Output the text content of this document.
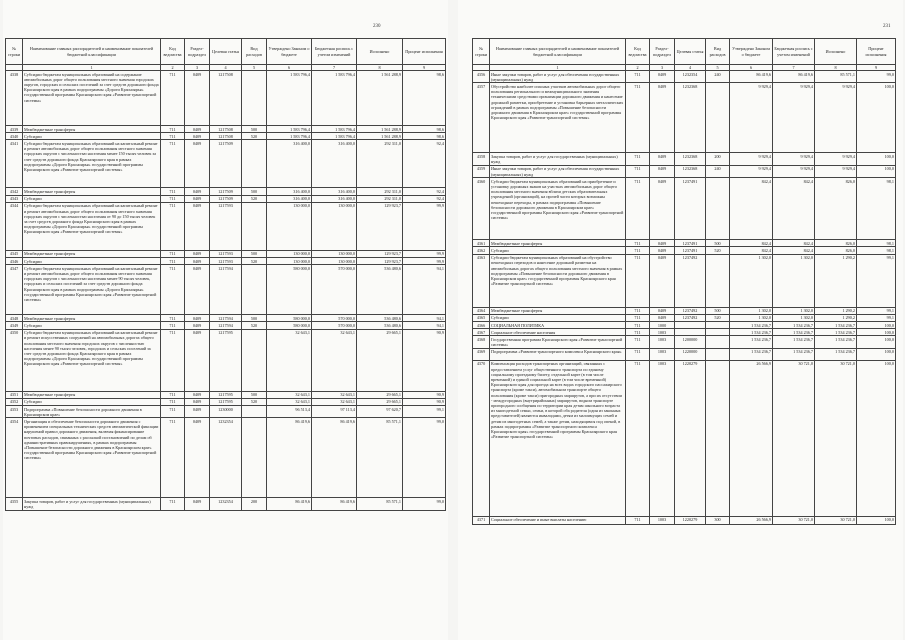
230
№ строки	Наименование главных распорядителей и наименование показателей бюджетной классификации	Код ведомства	Раздел-подраздел	Целевая статья	Вид расходов	Утверждено Законом о бюджете	Бюджетная роспись с учетом изменений	Исполнено	Процент исполнения
	1	2	3	4	5	6	7	8	9
4338	Субсидии бюджетам муниципальных образований на содержание автомобильных дорог общего пользования местного значения городских округов, городских и сельских поселений за счет средств дорожного фонда Красноярского края в рамках подпрограммы «Дороги Красноярья» государственной программы Красноярского края «Развитие транспортной системы»	711	0409	1217508		1 583 796,4	1 583 796,4	1 561 288,9	98,6
4339	Межбюджетные трансферты	711	0409	1217508	500	1 583 796,4	1 583 796,4	1 561 288,9	98,6
4340	Субсидии	711	0409	1217508	520	1 583 796,4	1 583 796,4	1 561 288,9	98,6
4341	Субсидии бюджетам муниципальных образований на капитальный ремонт и ремонт автомобильных дорог общего пользования местного значения городских округов с численностью населения менее 150 тысяч человек за счет средств дорожного фонда Красноярского края в рамках подпрограммы «Дороги Красноярья» государственной программы Красноярского края «Развитие транспортной системы»	711	0409	1217509		316 400,0	316 400,0	292 311,0	92,4
4342	Межбюджетные трансферты	711	0409	1217509	500	316 400,0	316 400,0	292 311,0	92,4
4343	Субсидии	711	0409	1217509	520	316 400,0	316 400,0	292 311,0	92,4
4344	Субсидии бюджетам муниципальных образований на капитальный ремонт и ремонт автомобильных дорог общего пользования местного значения городских округов с численностью населения от 90 до 150 тысяч человек за счет средств дорожного фонда Красноярского края в рамках подпрограммы «Дороги Красноярья» государственной программы Красноярского края «Развитие транспортной системы»	711	0409	1217593		130 000,0	130 000,0	129 923,7	99,9
4345	Межбюджетные трансферты	711	0409	1217593	500	130 000,0	130 000,0	129 923,7	99,9
4346	Субсидии	711	0409	1217593	520	130 000,0	130 000,0	129 923,7	99,9
4347	Субсидии бюджетам муниципальных образований на капитальный ремонт и ремонт автомобильных дорог общего пользования местного значения городских округов с численностью населения менее 90 тысяч человек, городских и сельских поселений за счет средств дорожного фонда Красноярского края в рамках подпрограммы «Дороги Красноярья» государственной программы Красноярского края «Развитие транспортной системы»	711	0409	1217594		580 000,0	570 000,0	536 480,6	94,1
4348	Межбюджетные трансферты	711	0409	1217594	500	580 000,0	570 000,0	536 480,6	94,1
4349	Субсидии	711	0409	1217594	520	580 000,0	570 000,0	536 480,6	94,1
4350	Субсидии бюджетам муниципальных образований на капитальный ремонт и ремонт искусственных сооружений на автомобильных дорогах общего пользования местного значения городских округов с численностью населения менее 90 тысяч человек, городских и сельских поселений за счет средств дорожного фонда Красноярского края в рамках подпрограммы «Дороги Красноярья» государственной программы Красноярского края «Развитие транспортной системы»	711	0409	1217595		32 643,1	32 643,1	29 665,1	90,9
4351	Межбюджетные трансферты	711	0409	1217595	500	32 643,1	32 643,1	29 665,1	90,9
4352	Субсидии	711	0409	1217595	520	32 643,1	32 643,1	29 665,1	90,9
4353	Подпрограмма «Повышение безопасности дорожного движения в Красноярском крае»	711	0409	1230000		96 513,4	97 113,4	97 620,7	99,1
4354	Организация и обеспечение безопасности дорожного движения с применением специальных технических средств автоматической фиксации нарушений правил дорожного движения, включая финансирование почтовых расходов, связанных с рассылкой постановлений по делам об административных правонарушениях, в рамках подпрограммы «Повышение безопасности дорожного движения в Красноярском крае» государственной программы Красноярского края «Развитие транспортной системы»	711	0409	1232354		86 419,6	86 419,6	85 571,1	99,0
4355	Закупка товаров, работ и услуг для государственных (муниципальных) нужд	711	0409	1232354	200	86 419,6	86 419,6	85 571,1	99,0
231
№ строки	Наименование главных распорядителей и наименование показателей бюджетной классификации	Код ведомства	Раздел-подраздел	Целевая статья	Вид расходов	Утверждено Законом о бюджете	Бюджетная роспись с учетом изменений	Исполнено	Процент исполнения
	1	2	3	4	5	6	7	8	9
4356	Иные закупки товаров, работ и услуг для обеспечения государственных (муниципальных) нужд	711	0409	1232354	240	86 419,6	86 419,6	85 571,1	99,0
4357	Обустройство наиболее опасных участков автомобильных дорог общего пользования регионального и межмуниципального значения техническими средствами организации дорожного движения и нанесение дорожной разметки, приобретение и установка барьерных металлических ограждений в рамках подпрограммы «Повышение безопасности дорожного движения в Красноярском крае» государственной программы Красноярского края «Развитие транспортной системы»	711	0409	1232368		9 929,4	9 929,4	9 929,4	100,0
4358	Закупка товаров, работ и услуг для государственных (муниципальных) нужд	711	0409	1232368	200	9 929,4	9 929,4	9 929,4	100,0
4359	Иные закупки товаров, работ и услуг для обеспечения государственных (муниципальных) нужд	711	0409	1232368	240	9 929,4	9 929,4	9 929,4	100,0
4360	Субсидии бюджетам муниципальных образований на приобретение и установку дорожных знаков на участках автомобильных дорог общего пользования местного значения вблизи детских образовательных учреждений (организаций), на прочей части которых возможны пешеходные переходы, в рамках подпрограммы «Повышение безопасности дорожного движения в Красноярском крае» государственной программы Красноярского края «Развитие транспортной системы»	711	0409	1237491		842,4	842,4	826,0	98,1
4361	Межбюджетные трансферты	711	0409	1237491	500	842,4	842,4	826,0	98,1
4362	Субсидии	711	0409	1237491	520	842,4	842,4	826,0	98,1
4363	Субсидии бюджетам муниципальных образований на обустройство пешеходных переходов и нанесение дорожной разметки на автомобильных дорогах общего пользования местного значения в рамках подпрограммы «Повышение безопасности дорожного движения в Красноярском крае» государственной программы Красноярского края «Развитие транспортной системы»	711	0409	1237492		1 302,0	1 302,0	1 290,2	99,1
4364	Межбюджетные трансферты	711	0409	1237492	500	1 302,0	1 302,0	1 290,2	99,1
4365	Субсидии	711	0409	1237492	520	1 302,0	1 302,0	1 290,2	99,1
4366	СОЦИАЛЬНАЯ ПОЛИТИКА	711	1000			1 534 236,7	1 534 236,7	1 534 236,7	100,0
4367	Социальное обеспечение населения	711	1003			1 534 236,7	1 534 236,7	1 534 236,7	100,0
4368	Государственная программа Красноярского края «Развитие транспортной системы»	711	1003	1200000		1 534 236,7	1 534 236,7	1 534 236,7	100,0
4369	Подпрограмма «Развитие транспортного комплекса Красноярского края»	711	1003	1220000		1 534 236,7	1 534 236,7	1 534 236,7	100,0
4370	Компенсация расходов транспортных организаций, связанных с предоставлением услуг общественного транспорта по единому социальному проездному билету, отдельной карте (в том числе временной) и единой социальной карте (в том числе временной) Красноярского края для проезда на всех видах городского пассажирского транспорта (кроме такси), автомобильном транспорте общего пользования (кроме такси) пригородных маршрутов, а при их отсутствии - междугородных (внутрирайонных) маршрутов, водном транспорте пригородного сообщения по территории края детям школьного возраста из многодетной семьи, семьи, в которой оба родителя (один из законных представителей) являются инвалидами, детям из малоимущих семей и детям из многодетных семей, а также детям, находящимся под опекой, в рамках подпрограммы «Развитие транспортного комплекса Красноярского края» государственной программы Красноярского края «Развитие транспортной системы»	711	1003	1220279		26 566,9	30 721,0	30 721,0	100,0
4371	Социальное обеспечение и иные выплаты населению	711	1003	1220279	300	26 566,9	30 721,0	30 721,0	100,0
